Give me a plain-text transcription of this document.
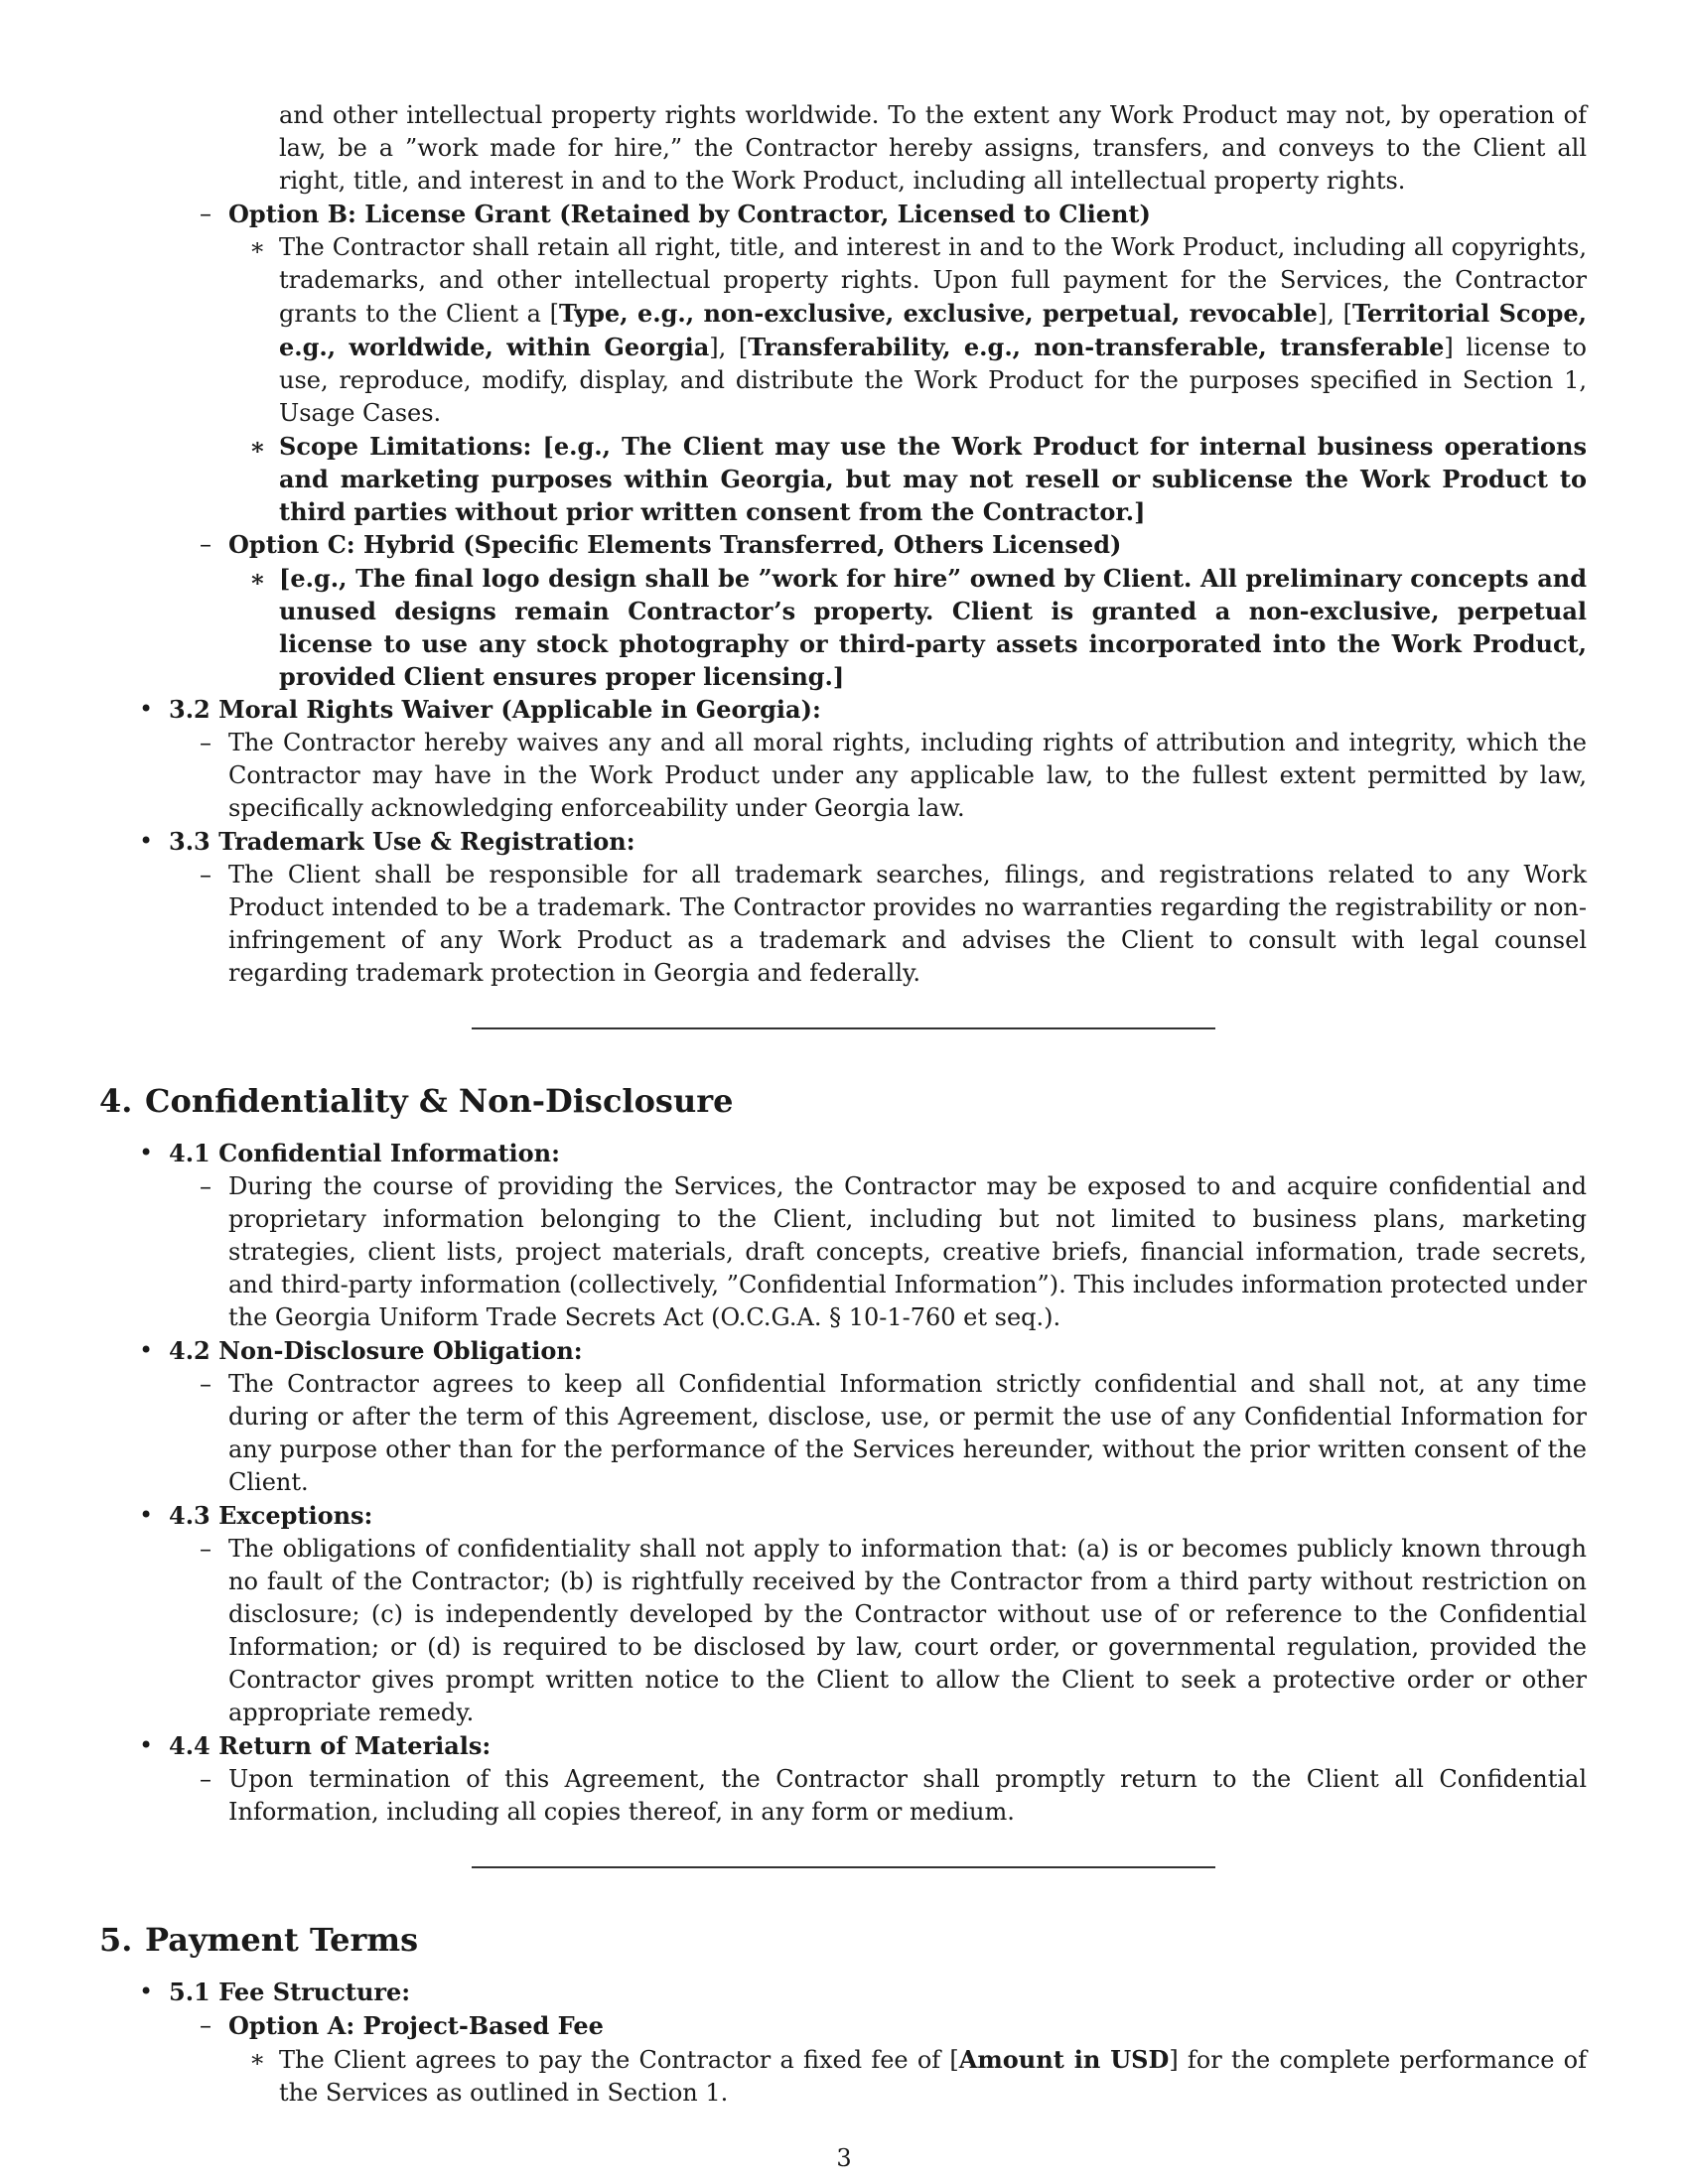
and other intellectual property rights worldwide. To the extent any Work Product may not, by operation of law, be a ”work made for hire,” the Contractor hereby assigns, transfers, and conveys to the Client all right, title, and interest in and to the Work Product, including all intellectual property rights.
– Option B: License Grant (Retained by Contractor, Licensed to Client)
∗ The Contractor shall retain all right, title, and interest in and to the Work Product, including all copyrights, trademarks, and other intellectual property rights. Upon full payment for the Services, the Contractor grants to the Client a [Type, e.g., non-exclusive, exclusive, perpetual, revocable], [Territorial Scope, e.g., worldwide, within Georgia], [Transferability, e.g., non-transferable, transferable] license to use, reproduce, modify, display, and distribute the Work Product for the purposes specified in Section 1, Usage Cases.
∗ Scope Limitations: [e.g., The Client may use the Work Product for internal business operations and marketing purposes within Georgia, but may not resell or sublicense the Work Product to third parties without prior written consent from the Contractor.]
– Option C: Hybrid (Specific Elements Transferred, Others Licensed)
∗ [e.g., The final logo design shall be ”work for hire” owned by Client. All preliminary concepts and unused designs remain Contractor’s property. Client is granted a non-exclusive, perpetual license to use any stock photography or third-party assets incorporated into the Work Product, provided Client ensures proper licensing.]
• 3.2 Moral Rights Waiver (Applicable in Georgia):
– The Contractor hereby waives any and all moral rights, including rights of attribution and integrity, which the Contractor may have in the Work Product under any applicable law, to the fullest extent permitted by law, specifically acknowledging enforceability under Georgia law.
• 3.3 Trademark Use & Registration:
– The Client shall be responsible for all trademark searches, filings, and registrations related to any Work Product intended to be a trademark. The Contractor provides no warranties regarding the registrability or non-infringement of any Work Product as a trademark and advises the Client to consult with legal counsel regarding trademark protection in Georgia and federally.
4. Confidentiality & Non-Disclosure
• 4.1 Confidential Information:
– During the course of providing the Services, the Contractor may be exposed to and acquire confidential and proprietary information belonging to the Client, including but not limited to business plans, marketing strategies, client lists, project materials, draft concepts, creative briefs, financial information, trade secrets, and third-party information (collectively, ”Confidential Information”). This includes information protected under the Georgia Uniform Trade Secrets Act (O.C.G.A. § 10-1-760 et seq.).
• 4.2 Non-Disclosure Obligation:
– The Contractor agrees to keep all Confidential Information strictly confidential and shall not, at any time during or after the term of this Agreement, disclose, use, or permit the use of any Confidential Information for any purpose other than for the performance of the Services hereunder, without the prior written consent of the Client.
• 4.3 Exceptions:
– The obligations of confidentiality shall not apply to information that: (a) is or becomes publicly known through no fault of the Contractor; (b) is rightfully received by the Contractor from a third party without restriction on disclosure; (c) is independently developed by the Contractor without use of or reference to the Confidential Information; or (d) is required to be disclosed by law, court order, or governmental regulation, provided the Contractor gives prompt written notice to the Client to allow the Client to seek a protective order or other appropriate remedy.
• 4.4 Return of Materials:
– Upon termination of this Agreement, the Contractor shall promptly return to the Client all Confidential Information, including all copies thereof, in any form or medium.
5. Payment Terms
• 5.1 Fee Structure:
– Option A: Project-Based Fee
∗ The Client agrees to pay the Contractor a fixed fee of [Amount in USD] for the complete performance of the Services as outlined in Section 1.
3
